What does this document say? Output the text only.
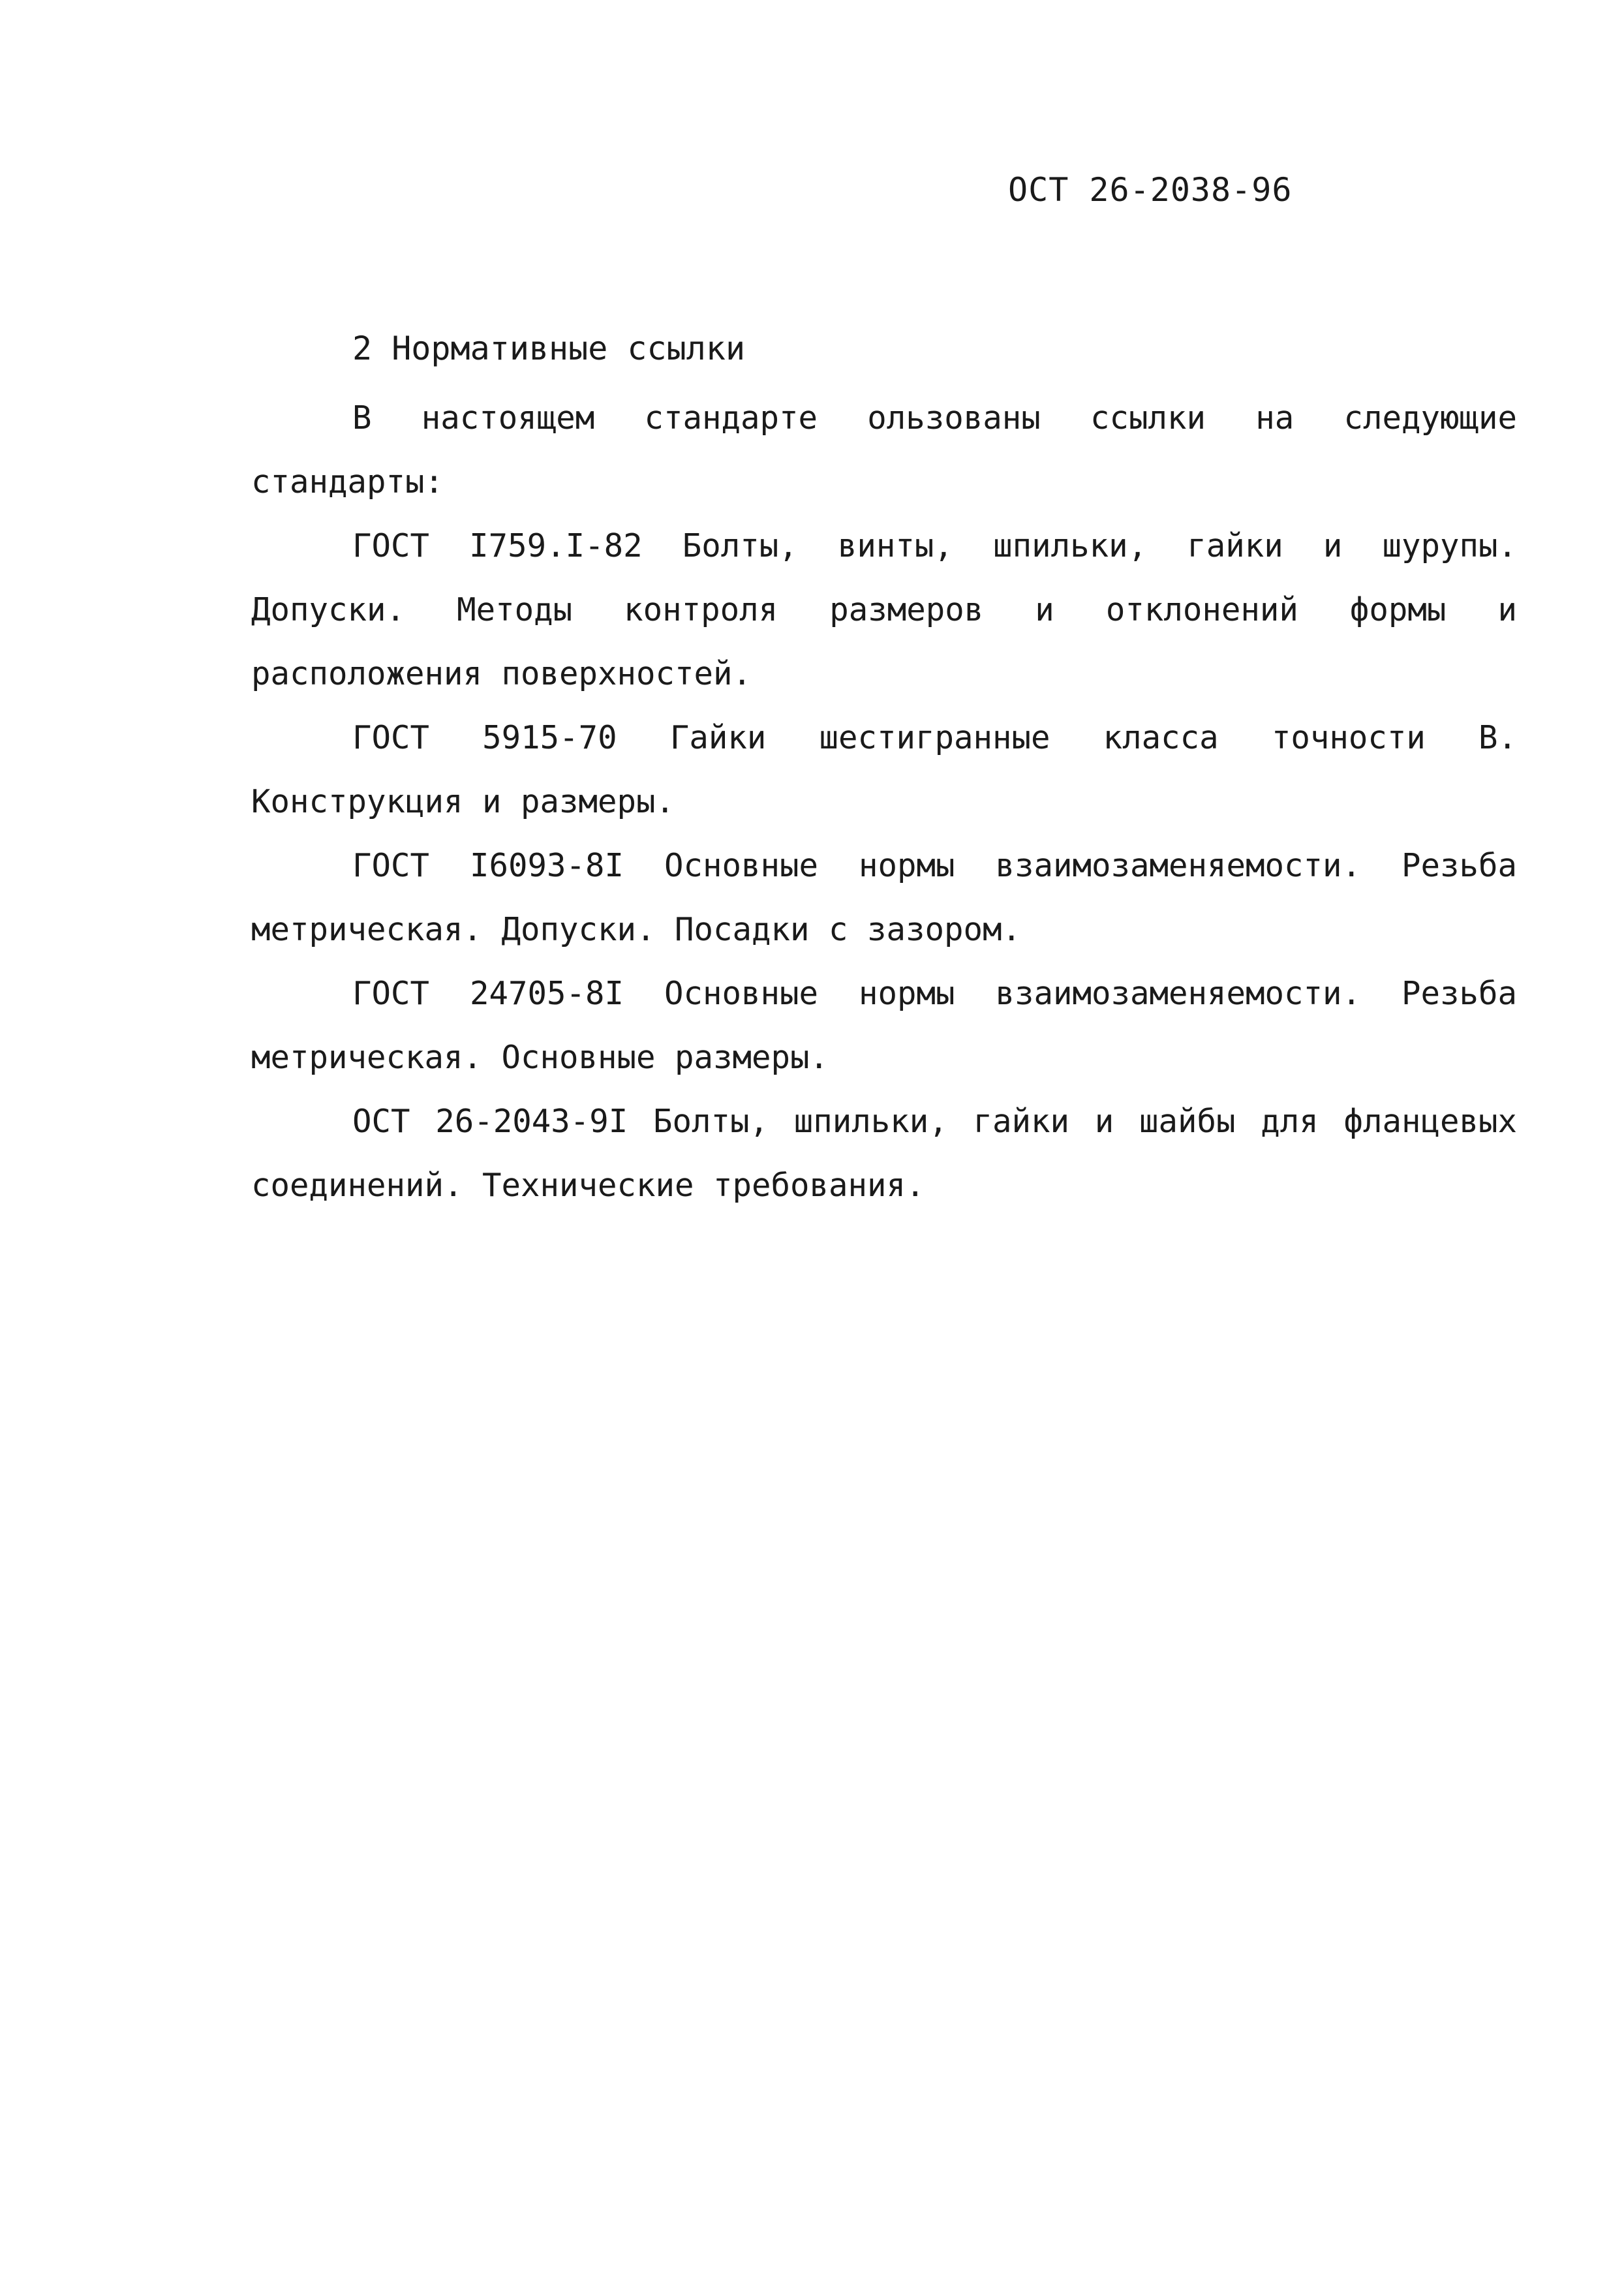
ОСТ 26-2038-96
2 Нормативные ссылки

В настоящем стандарте ользованы ссылки на следующие стандарты:

ГОСТ I759.I-82 Болты, винты, шпильки, гайки и шурупы. Допуски. Методы контроля размеров и отклонений формы и расположения поверхностей.

ГОСТ 5915-70 Гайки шестигранные класса точности В. Конструкция и размеры.

ГОСТ I6093-8I Основные нормы взаимозаменяемости. Резьба метрическая. Допуски. Посадки с зазором.

ГОСТ 24705-8I Основные нормы взаимозаменяемости. Резьба метрическая. Основные размеры.

ОСТ 26-2043-9I Болты, шпильки, гайки и шайбы для фланцевых соединений. Технические требования.
